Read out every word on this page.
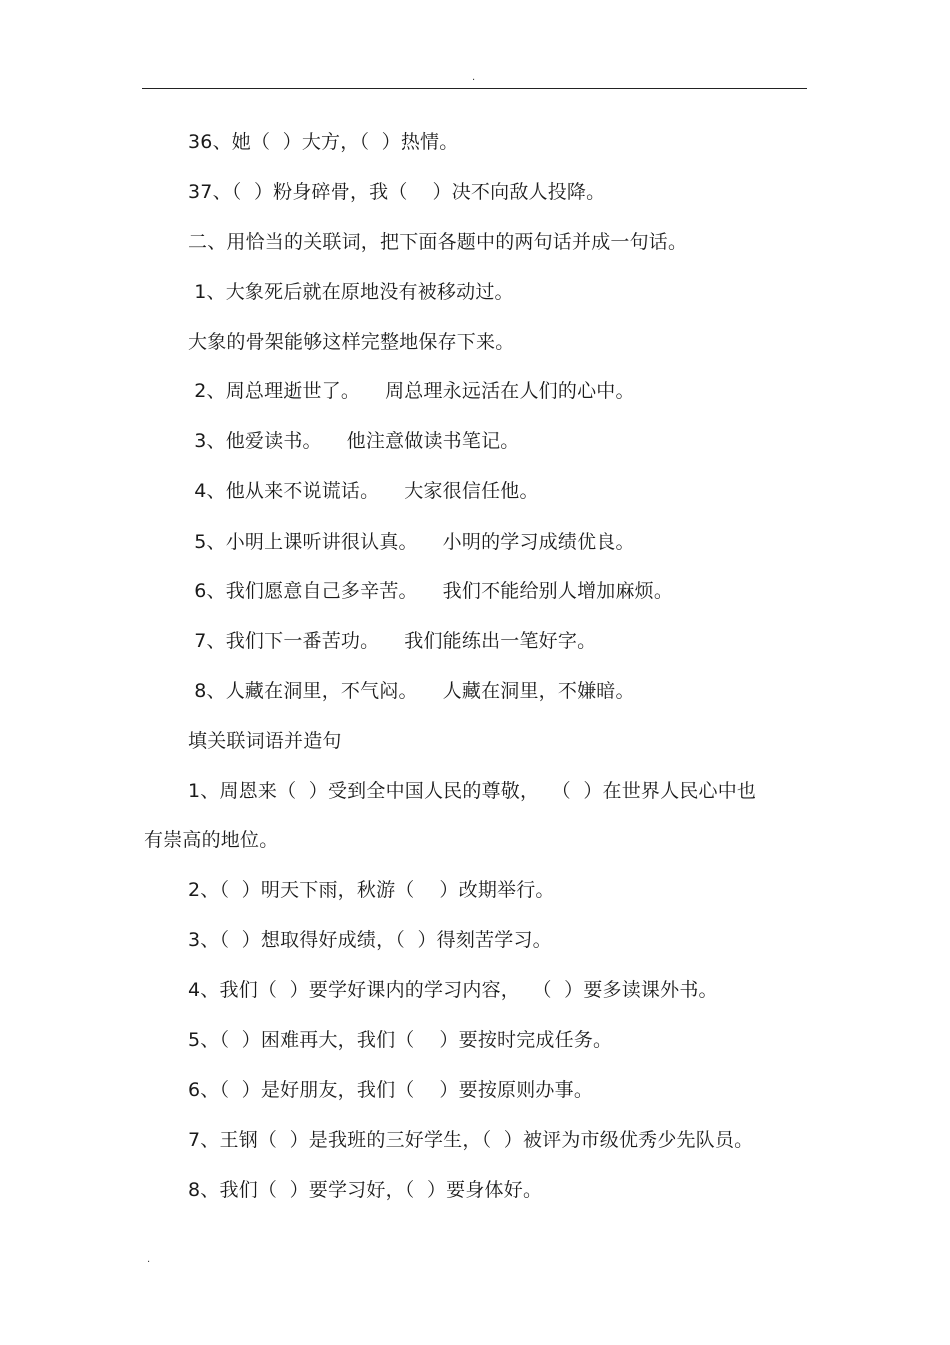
.
36、她（  ）大方，（  ）热情。
37、（  ）粉身碎骨，我（    ）决不向敌人投降。
二、用恰当的关联词，把下面各题中的两句话并成一句话。
1、大象死后就在原地没有被移动过。
大象的骨架能够这样完整地保存下来。
2、周总理逝世了。    周总理永远活在人们的心中。
3、他爱读书。    他注意做读书笔记。
4、他从来不说谎话。    大家很信任他。
5、小明上课听讲很认真。    小明的学习成绩优良。
6、我们愿意自己多辛苦。    我们不能给别人增加麻烦。
7、我们下一番苦功。    我们能练出一笔好字。
8、人藏在洞里，不气闷。    人藏在洞里，不嫌暗。
填关联词语并造句
1、周恩来（  ）受到全中国人民的尊敬，  （  ）在世界人民心中也
有崇高的地位。
2、（  ）明天下雨，秋游（    ）改期举行。
3、（  ）想取得好成绩，（  ）得刻苦学习。
4、我们（  ）要学好课内的学习内容，  （  ）要多读课外书。
5、（  ）困难再大，我们（    ）要按时完成任务。
6、（  ）是好朋友，我们（    ）要按原则办事。
7、王钢（  ）是我班的三好学生，（  ）被评为市级优秀少先队员。
8、我们（  ）要学习好，（  ）要身体好。
.
